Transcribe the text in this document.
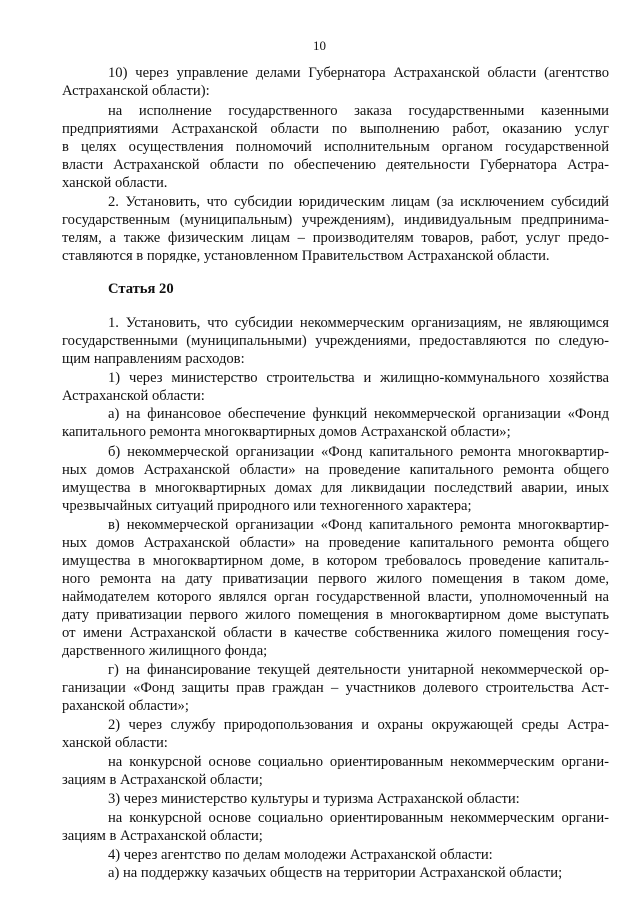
10
10) через управление делами Губернатора Астраханской области (агентство
Астраханской области):
на исполнение государственного заказа государственными казенными
предприятиями Астраханской области по выполнению работ, оказанию услуг
в целях осуществления полномочий исполнительным органом государственной
власти Астраханской области по обеспечению деятельности Губернатора Астра-
ханской области.
2. Установить, что субсидии юридическим лицам (за исключением субсидий
государственным (муниципальным) учреждениям), индивидуальным предпринима-
телям, а также физическим лицам – производителям товаров, работ, услуг предо-
ставляются в порядке, установленном Правительством Астраханской области.
Статья 20
1. Установить, что субсидии некоммерческим организациям, не являющимся
государственными (муниципальными) учреждениями, предоставляются по следую-
щим направлениям расходов:
1) через министерство строительства и жилищно-коммунального хозяйства
Астраханской области:
а) на финансовое обеспечение функций некоммерческой организации «Фонд
капитального ремонта многоквартирных домов Астраханской области»;
б) некоммерческой организации «Фонд капитального ремонта многоквартир-
ных домов Астраханской области» на проведение капитального ремонта общего
имущества в многоквартирных домах для ликвидации последствий аварии, иных
чрезвычайных ситуаций природного или техногенного характера;
в) некоммерческой организации «Фонд капитального ремонта многоквартир-
ных домов Астраханской области» на проведение капитального ремонта общего
имущества в многоквартирном доме, в котором требовалось проведение капиталь-
ного ремонта на дату приватизации первого жилого помещения в таком доме,
наймодателем которого являлся орган государственной власти, уполномоченный на
дату приватизации первого жилого помещения в многоквартирном доме выступать
от имени Астраханской области в качестве собственника жилого помещения госу-
дарственного жилищного фонда;
г) на финансирование текущей деятельности унитарной некоммерческой ор-
ганизации «Фонд защиты прав граждан – участников долевого строительства Аст-
раханской области»;
2) через службу природопользования и охраны окружающей среды Астра-
ханской области:
на конкурсной основе социально ориентированным некоммерческим органи-
зациям в Астраханской области;
3) через министерство культуры и туризма Астраханской области:
на конкурсной основе социально ориентированным некоммерческим органи-
зациям в Астраханской области;
4) через агентство по делам молодежи Астраханской области:
а) на поддержку казачьих обществ на территории Астраханской области;
